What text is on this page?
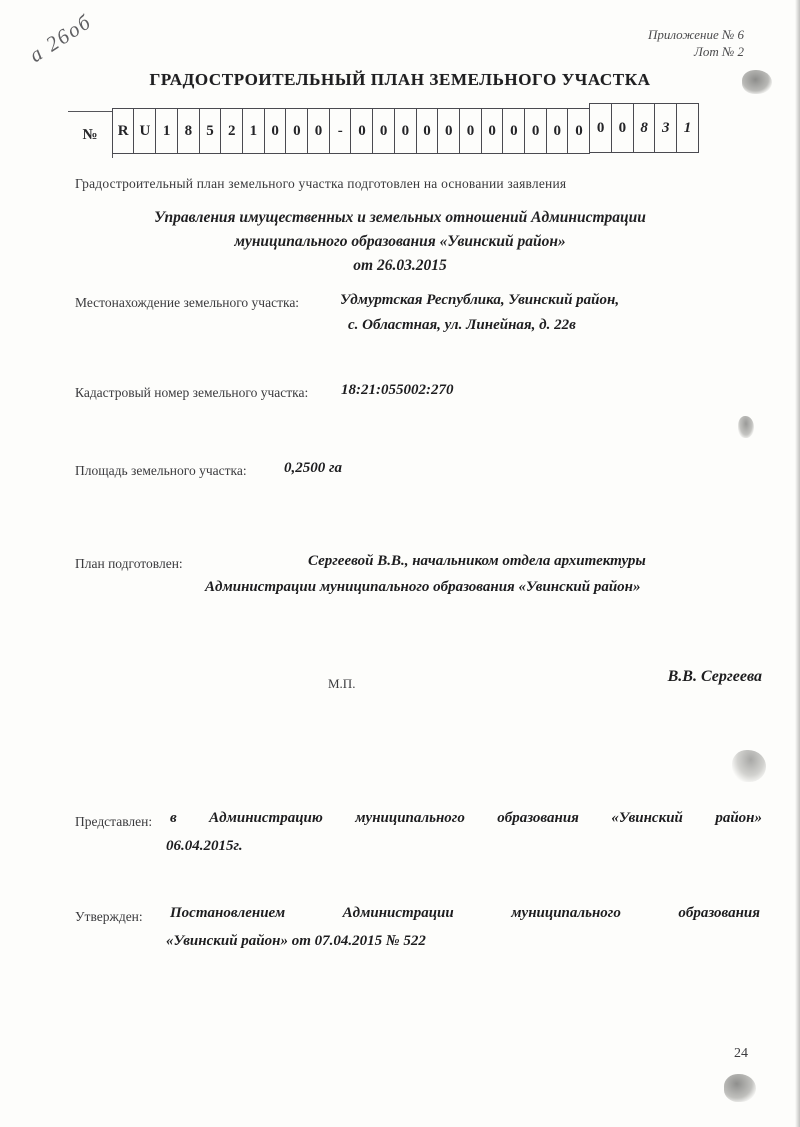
а 26об	Приложение № 6
Лот № 2
ГРАДОСТРОИТЕЛЬНЫЙ ПЛАН ЗЕМЕЛЬНОГО УЧАСТКА
№	R U 1 8 5 2 1 0 0 0	-	0 0 0 0 0 0 0 0 0 0 0 0 0 8 3 1
Градостроительный план земельного участка подготовлен на основании заявления
Управления имущественных и земельных отношений Администрации
муниципального образования «Увинский район»
от 26.03.2015
Местонахождение земельного участка:	Удмуртская Республика, Увинский район,
с. Областная, ул. Линейная, д. 22в
Кадастровый номер земельного участка: 18:21:055002:270
Площадь земельного участка: 0,2500 га
План подготовлен:	Сергеевой В.В., начальником отдела архитектуры
Администрации муниципального образования «Увинский район»
М.П.	В.В. Сергеева
Представлен: в Администрацию муниципального образования «Увинский район»
06.04.2015г.
Утвержден: Постановлением Администрации муниципального образования
«Увинский район» от 07.04.2015 № 522
24
